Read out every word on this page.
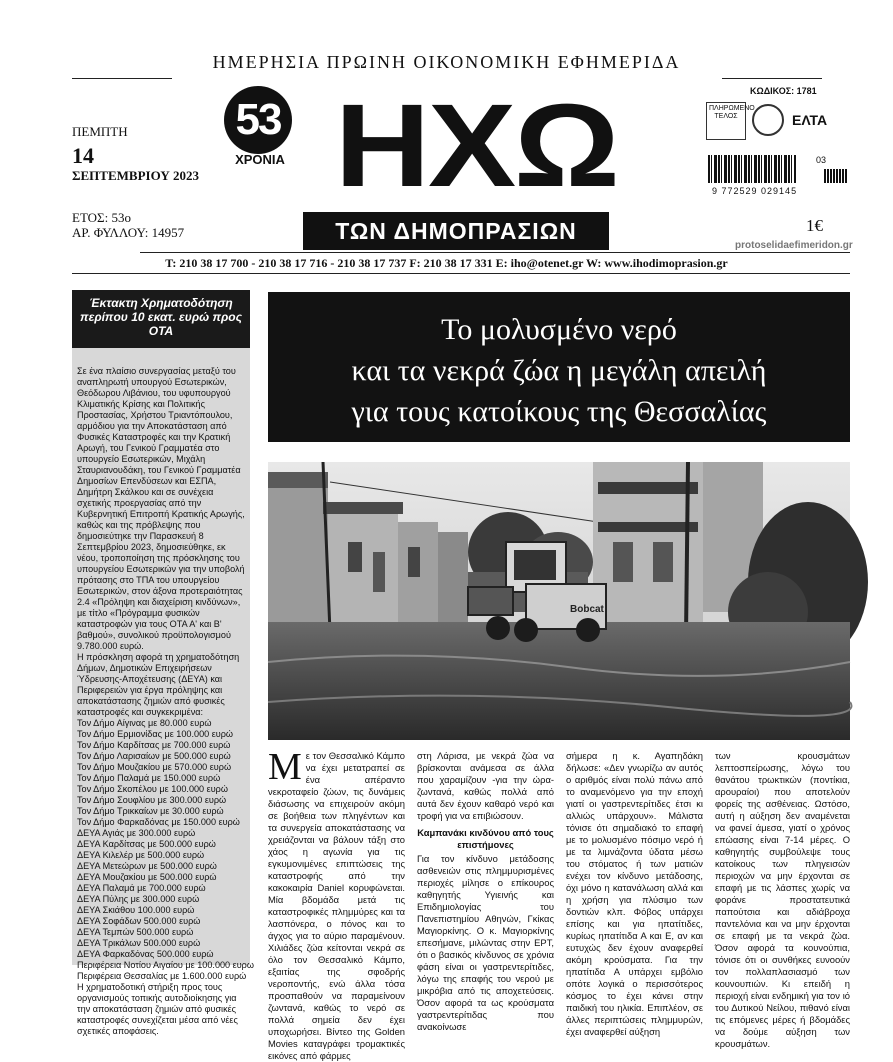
ΗΜΕΡΗΣΙΑ ΠΡΩΙΝΗ ΟΙΚΟΝΟΜΙΚΗ ΕΦΗΜΕΡΙΔΑ
ΠΕΜΠΤΗ
14
ΣΕΠΤΕΜΒΡΙΟΥ 2023
ΕΤΟΣ: 53ο
ΑΡ. ΦΥΛΛΟΥ: 14957
53
ΧΡΟΝΙΑ ΗΧΩ
ΤΩΝ ΔΗΜΟΠΡΑΣΙΩΝ
ΚΩΔΙΚΟΣ: 1781
ΠΛΗΡΩΜΕΝΟ ΤΕΛΟΣ	ΕΛΤΑ
03
9 772529 029145
1€
protoselidaefimeridon.gr
T: 210 38 17 700 - 210 38 17 716 - 210 38 17 737 F: 210 38 17 331 E: iho@otenet.gr W: www.ihodimoprasion.gr
Έκτακτη Χρηματοδότηση περίπου 10 εκατ. ευρώ προς ΟΤΑ

Σε ένα πλαίσιο συνεργασίας μεταξύ του αναπληρωτή υπουργού Εσωτερικών, Θεόδωρου Λιβάνιου, του υφυπουργού Κλιματικής Κρίσης και Πολιτικής Προστασίας, Χρήστου Τριαντόπουλου, αρμόδιου για την Αποκατάσταση από Φυσικές Καταστροφές και την Κρατική Αρωγή, του Γενικού Γραμματέα στο υπουργείο Εσωτερικών, Μιχάλη Σταυριανουδάκη, του Γενικού Γραμματέα Δημοσίων Επενδύσεων και ΕΣΠΑ, Δημήτρη Σκάλκου και σε συνέχεια σχετικής προεργασίας από την Κυβερνητική Επιτροπή Κρατικής Αρωγής, καθώς και της πρόβλεψης που δημοσιεύτηκε την Παρασκευή 8 Σεπτεμβρίου 2023, δημοσιεύθηκε, εκ νέου, τροποποίηση της πρόσκλησης του υπουργείου Εσωτερικών για την υποβολή πρότασης στο ΤΠΑ του υπουργείου Εσωτερικών, στον άξονα προτεραιότητας 2.4 «Πρόληψη και διαχείριση κινδύνων», με τίτλο «Πρόγραμμα φυσικών καταστροφών για τους ΟΤΑ Α' και Β' βαθμού», συνολικού προϋπολογισμού 9.780.000 ευρώ.

Η πρόσκληση αφορά τη χρηματοδότηση Δήμων, Δημοτικών Επιχειρήσεων Ύδρευσης-Αποχέτευσης (ΔΕΥΑ) και Περιφερειών για έργα πρόληψης και αποκατάστασης ζημιών από φυσικές καταστροφές και συγκεκριμένα:

Τον Δήμο Αίγινας με 80.000 ευρώ
Τον Δήμο Ερμιονίδας με 100.000 ευρώ
Τον Δήμο Καρδίτσας με 700.000 ευρώ
Τον Δήμο Λαρισαίων με 500.000 ευρώ
Τον Δήμο Μουζακίου με 570.000 ευρώ
Τον Δήμο Παλαμά με 150.000 ευρώ
Τον Δήμο Σκοπέλου με 100.000 ευρώ
Τον Δήμο Σουφλίου με 300.000 ευρώ
Τον Δήμο Τρικκαίων με 30.000 ευρώ
Τον Δήμο Φαρκαδόνας με 150.000 ευρώ
ΔΕΥΑ Αγιάς με 300.000 ευρώ
ΔΕΥΑ Καρδίτσας με 500.000 ευρώ
ΔΕΥΑ Κιλελέρ με 500.000 ευρώ
ΔΕΥΑ Μετεώρων με 500.000 ευρώ
ΔΕΥΑ Μουζακίου με 500.000 ευρώ
ΔΕΥΑ Παλαμά με 700.000 ευρώ
ΔΕΥΑ Πύλης με 300.000 ευρώ
ΔΕΥΑ Σκιάθου 100.000 ευρώ
ΔΕΥΑ Σοφάδων 500.000 ευρώ
ΔΕΥΑ Τεμπών 500.000 ευρώ
ΔΕΥΑ Τρικάλων 500.000 ευρώ
ΔΕΥΑ Φαρκαδόνας 500.000 ευρώ
Περιφέρεια Νοτίου Αιγαίου με 100.000 ευρω
Περιφέρεια Θεσσαλίας με 1.600.000 ευρώ

Η χρηματοδοτική στήριξη προς τους οργανισμούς τοπικής αυτοδιοίκησης για την αποκατάσταση ζημιών από φυσικές καταστροφές συνεχίζεται μέσα από νέες σχετικές αποφάσεις.

Το μολυσμένο νερό
και τα νεκρά ζώα η μεγάλη απειλή
για τους κατοίκους της Θεσσαλίας
Bobcat
Με τον Θεσσαλικό Κάμπο να έχει μετατραπεί σε ένα απέραντο νεκροταφείο ζώων, τις δυνάμεις διάσωσης να επιχειρούν ακόμη σε βοήθεια των πληγέντων και τα συνεργεία αποκατάστασης να χρειάζονται να βάλουν τάξη στο χάος η αγωνία για τις εγκυμονιμένες επιπτώσεις της καταστροφής από την κακοκαιρία Daniel κορυφώνεται. Μία βδομάδα μετά τις καταστροφικές πλημμύρες και τα λασπόνερα, ο πόνος και το άγχος για το αύριο παραμένουν. Χιλιάδες ζώα κείτονται νεκρά σε όλο τον Θεσσαλικό Κάμπο, εξαιτίας της σφοδρής νεροποντής, ενώ άλλα τόσα προσπαθούν να παραμείνουν ζωντανά, καθώς το νερό σε πολλά σημεία δεν έχει υποχωρήσει. Βίντεο της Golden Movies καταγράφει τρομακτικές εικόνες από φάρμες

στη Λάρισα, με νεκρά ζώα να βρίσκονται ανάμεσα σε άλλα που χαραμίζουν -για την ώρα- ζωντανά, καθώς πολλά από αυτά δεν έχουν καθαρό νερό και τροφή για να επιβιώσουν.

Καμπανάκι κινδύνου από τους επιστήμονες

Για τον κίνδυνο μετάδοσης ασθενειών στις πλημμυρισμένες περιοχές μίλησε ο επίκουρος καθηγητής Υγιεινής και Επιδημιολογίας του Πανεπιστημίου Αθηνών, Γκίκας Μαγιορκίνης. Ο κ. Μαγιορκίνης επεσήμανε, μιλώντας στην ΕΡΤ, ότι ο βασικός κίνδυνος σε χρόνια φάση είναι οι γαστρεντερίτιδες, λόγω της επαφής του νερού με μικρόβια από τις αποχετεύσεις. Όσον αφορά τα ως κρούσματα γαστρεντερίτιδας που ανακοίνωσε

σήμερα η κ. Αγαπηδάκη δήλωσε: «Δεν γνωρίζω αν αυτός ο αριθμός είναι πολύ πάνω από το αναμενόμενο για την εποχή γιατί οι γαστρεντερίτιδες έτσι κι αλλιώς υπάρχουν». Μάλιστα τόνισε ότι σημαδιακό το επαφή με το μολυσμένο πόσιμο νερό ή με τα λιμνάζοντα ύδατα μέσω του στόματος ή των ματιών ενέχει τον κίνδυνο μετάδοσης, όχι μόνο η κατανάλωση αλλά και η χρήση για πλύσιμο των δοντιών κλπ. Φόβος υπάρχει επίσης και για ηπατίτιδες, κυρίως ηπατίτιδα Α και Ε, αν και ευτυχώς δεν έχουν αναφερθεί ακόμη κρούσματα. Για την ηπατίτιδα Α υπάρχει εμβόλιο οπότε λογικά ο περισσότερος κόσμος το έχει κάνει στην παιδική του ηλικία. Επιπλέον, σε άλλες περιπτώσεις πλημμυρών, έχει αναφερθεί αύξηση

των κρουσμάτων λεπτοσπείρωσης, λόγω του θανάτου τρωκτικών (ποντίκια, αρουραίοι) που αποτελούν φορείς της ασθένειας. Ωστόσο, αυτή η αύξηση δεν αναμένεται να φανεί άμεσα, γιατί ο χρόνος επώασης είναι 7-14 μέρες. Ο καθηγητής συμβούλεψε τους κατοίκους των πληγεισών περιοχών να μην έρχονται σε επαφή με τις λάσπες χωρίς να φοράνε προστατευτικά παπούτσια και αδιάβροχα παντελόνια και να μην έρχονται σε επαφή με τα νεκρά ζώα. Όσον αφορά τα κουνούπια, τόνισε ότι οι συνθήκες ευνοούν τον πολλαπλασιασμό των κουνουπιών. Κι επειδή η περιοχή είναι ενδημική για τον ιό του Δυτικού Νείλου, πιθανό είναι τις επόμενες μέρες ή βδομάδες να δούμε αύξηση των κρουσμάτων.
